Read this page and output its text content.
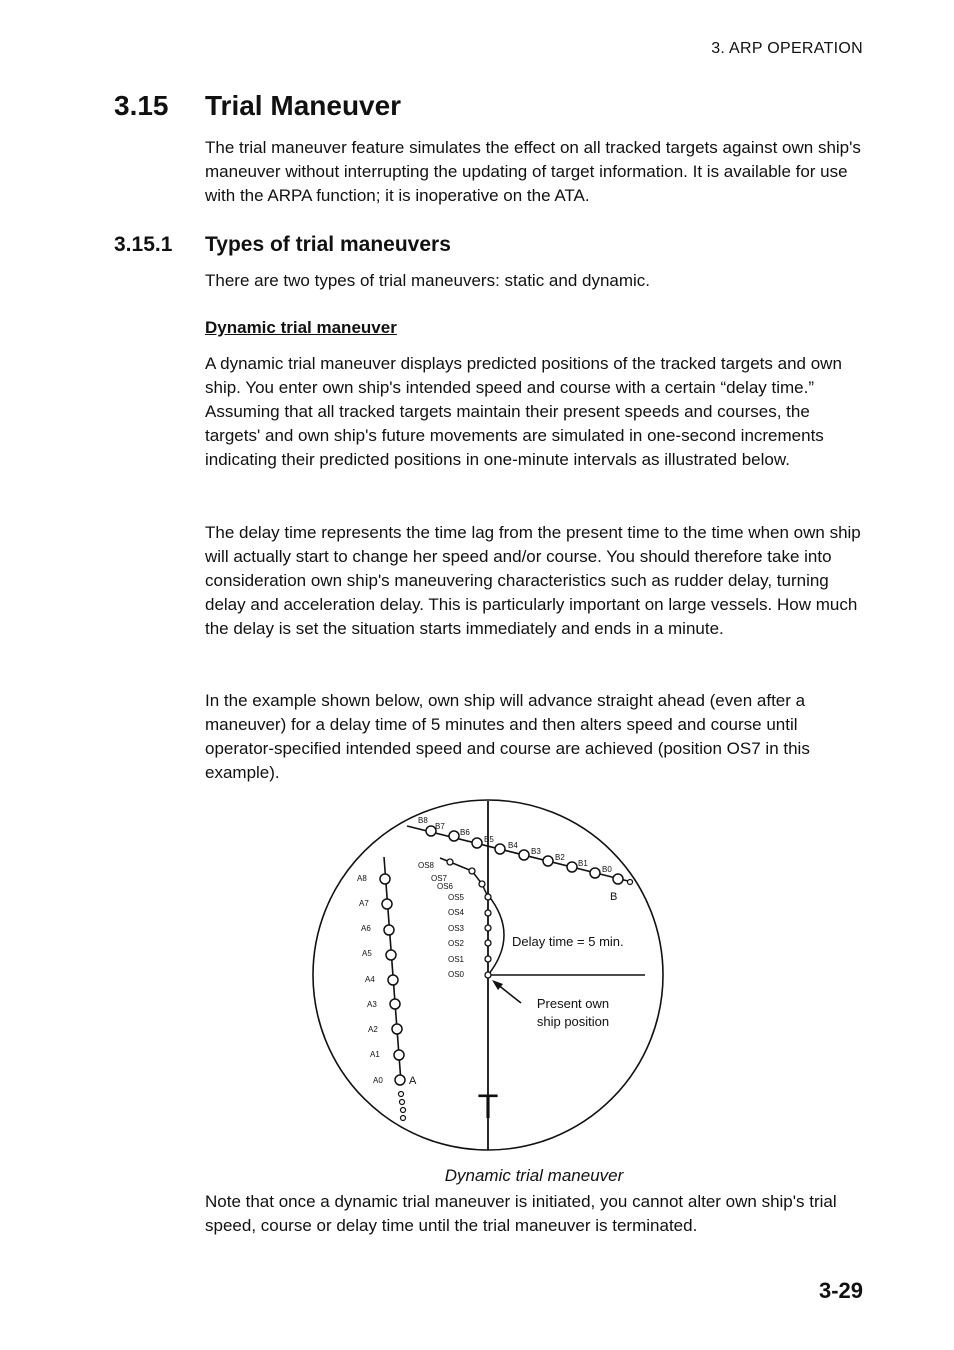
3. ARP OPERATION
3.15 Trial Maneuver

The trial maneuver feature simulates the effect on all tracked targets against own ship's maneuver without interrupting the updating of target information. It is available for use with the ARPA function; it is inoperative on the ATA.

3.15.1 Types of trial maneuvers

There are two types of trial maneuvers: static and dynamic.

Dynamic trial maneuver

A dynamic trial maneuver displays predicted positions of the tracked targets and own ship. You enter own ship's intended speed and course with a certain “delay time.” Assuming that all tracked targets maintain their present speeds and courses, the targets' and own ship's future movements are simulated in one-second increments indicating their predicted positions in one-minute intervals as illustrated below.

The delay time represents the time lag from the present time to the time when own ship will actually start to change her speed and/or course. You should therefore take into consideration own ship's maneuvering characteristics such as rudder delay, turning delay and acceleration delay. This is particularly important on large vessels. How much the delay is set the situation starts immediately and ends in a minute.

In the example shown below, own ship will advance straight ahead (even after a maneuver) for a delay time of 5 minutes and then alters speed and course until operator-specified intended speed and course are achieved (position OS7 in this example).

A0
A1
A2
A3
A4
A5
A6
A7
A8
A
B0
B1
B2
B3
B4
B5
B6
B7
B8
B
OS0
OS1
OS2
OS3
OS4
OS5
OS6
OS7
OS8
Delay time = 5 min.
Present own
ship position
T
Dynamic trial maneuver

Note that once a dynamic trial maneuver is initiated, you cannot alter own ship's trial speed, course or delay time until the trial maneuver is terminated.

3-29
